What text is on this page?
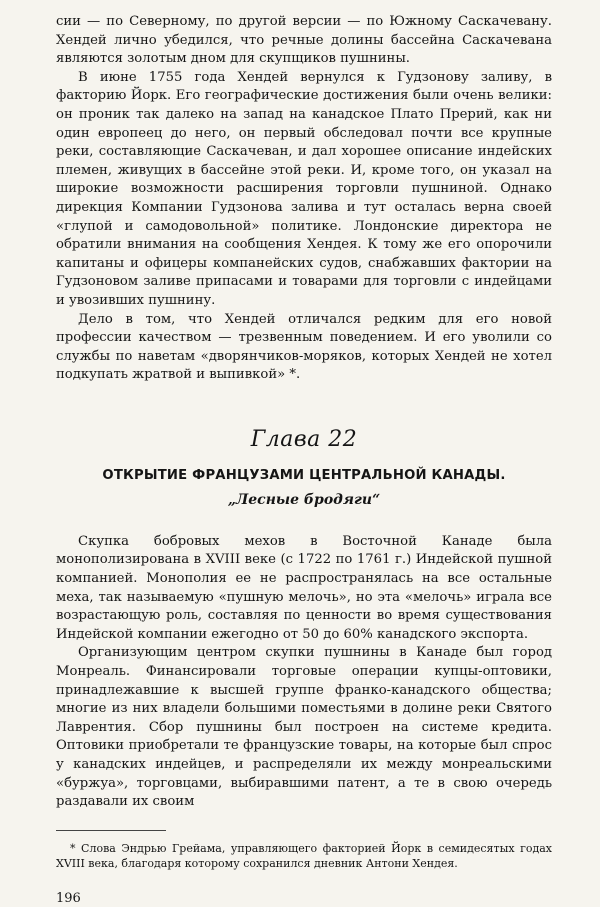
сии — по Северному, по другой версии — по Южному Саскачевану. Хендей лично убедился, что речные долины бассейна Саскачевана являются золотым дном для скупщиков пушнины.

В июне 1755 года Хендей вернулся к Гудзонову заливу, в факторию Йорк. Его географические достижения были очень велики: он проник так далеко на запад на канадское Плато Прерий, как ни один европеец до него, он первый обследовал почти все крупные реки, составляющие Саскачеван, и дал хорошее описание индейских племен, живущих в бассейне этой реки. И, кроме того, он указал на широкие возможности расширения торговли пушниной. Однако дирекция Компании Гудзонова залива и тут осталась верна своей «глупой и самодовольной» политике. Лондонские директора не обратили внимания на сообщения Хендея. К тому же его опорочили капитаны и офицеры компанейских судов, снабжавших фактории на Гудзоновом заливе припасами и товарами для торговли с индейцами и увозивших пушнину.

Дело в том, что Хендей отличался редким для его новой профессии качеством — трезвенным поведением. И его уволили со службы по наветам «дворянчиков-моряков, которых Хендей не хотел подкупать жратвой и выпивкой» *.

Глава 22
ОТКРЫТИЕ ФРАНЦУЗАМИ ЦЕНТРАЛЬНОЙ КАНАДЫ.
„Лесные бродяги“

Скупка бобровых мехов в Восточной Канаде была монополизирована в XVIII веке (с 1722 по 1761 г.) Индейской пушной компанией. Монополия ее не распространялась на все остальные меха, так называемую «пушную мелочь», но эта «мелочь» играла все возрастающую роль, составляя по ценности во время существования Индейской компании ежегодно от 50 до 60% канадского экспорта.

Организующим центром скупки пушнины в Канаде был город Монреаль. Финансировали торговые операции купцы-оптовики, принадлежавшие к высшей группе франко-канадского общества; многие из них владели большими поместьями в долине реки Святого Лаврентия. Сбор пушнины был построен на системе кредита. Оптовики приобретали те французские товары, на которые был спрос у канадских индейцев, и распределяли их между монреальскими «буржуа», торговцами, выбиравшими патент, а те в свою очередь раздавали их своим

* Слова Эндрью Грейама, управляющего факторией Йорк в семидесятых годах XVIII века, благодаря которому сохранился дневник Антони Хендея.

196
